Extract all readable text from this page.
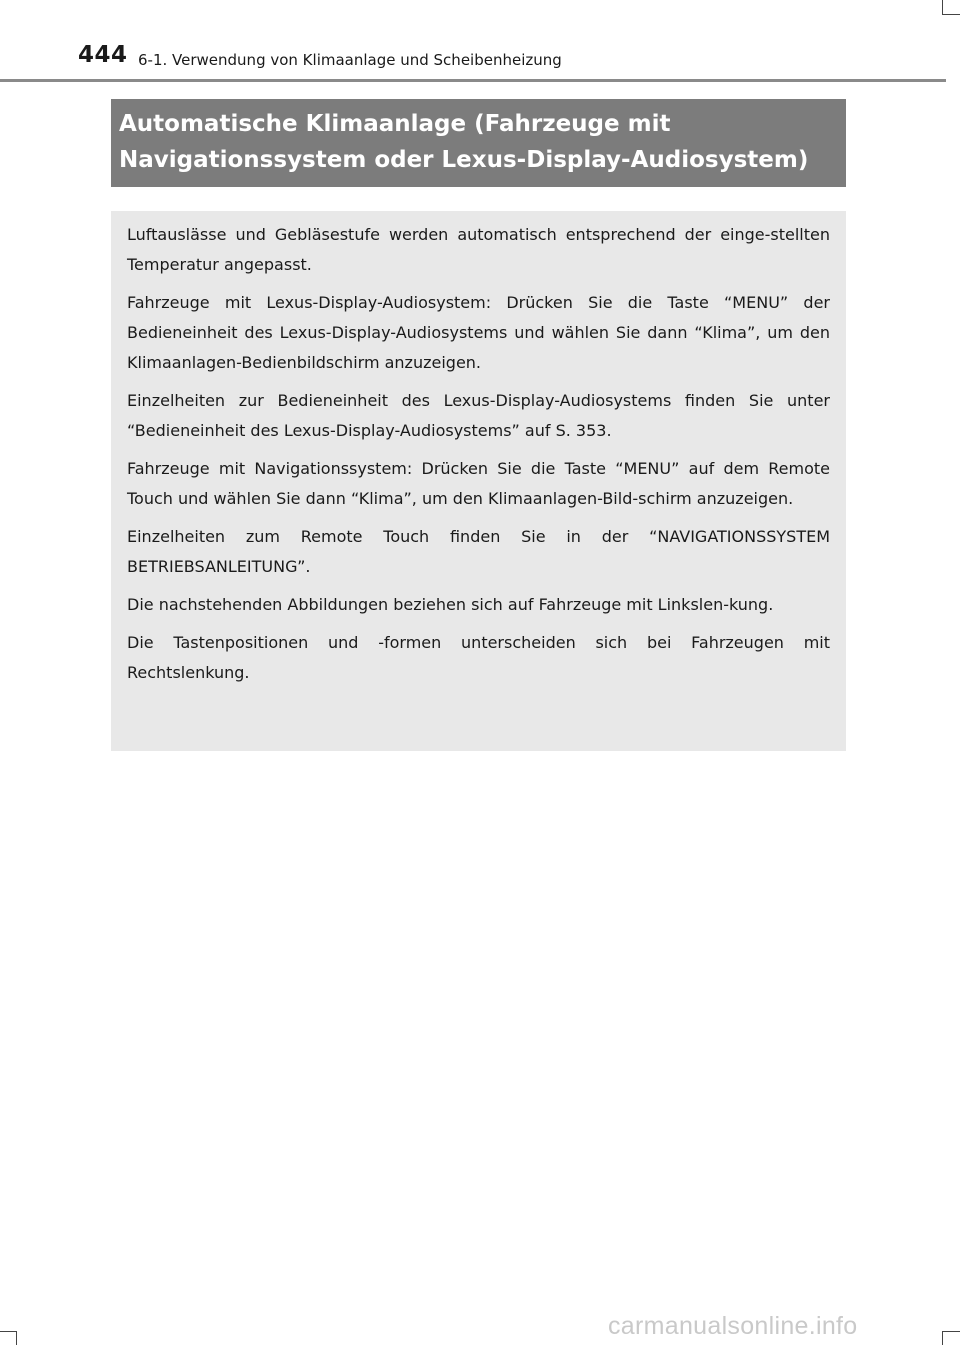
444 6-1. Verwendung von Klimaanlage und Scheibenheizung
Automatische Klimaanlage (Fahrzeuge mit
Navigationssystem oder Lexus-Display-Audiosystem)

Luftauslässe und Gebläsestufe werden automatisch entsprechend der einge-stellten Temperatur angepasst.

Fahrzeuge mit Lexus-Display-Audiosystem: Drücken Sie die Taste “MENU” der Bedieneinheit des Lexus-Display-Audiosystems und wählen Sie dann “Klima”, um den Klimaanlagen-Bedienbildschirm anzuzeigen.

Einzelheiten zur Bedieneinheit des Lexus-Display-Audiosystems finden Sie unter “Bedieneinheit des Lexus-Display-Audiosystems” auf S. 353.

Fahrzeuge mit Navigationssystem: Drücken Sie die Taste “MENU” auf dem Remote Touch und wählen Sie dann “Klima”, um den Klimaanlagen-Bild-schirm anzuzeigen.

Einzelheiten zum Remote Touch finden Sie in der “NAVIGATIONSSYSTEM BETRIEBSANLEITUNG”.

Die nachstehenden Abbildungen beziehen sich auf Fahrzeuge mit Linkslen-kung.

Die Tastenpositionen und -formen unterscheiden sich bei Fahrzeugen mit Rechtslenkung.

carmanualsonline.info
